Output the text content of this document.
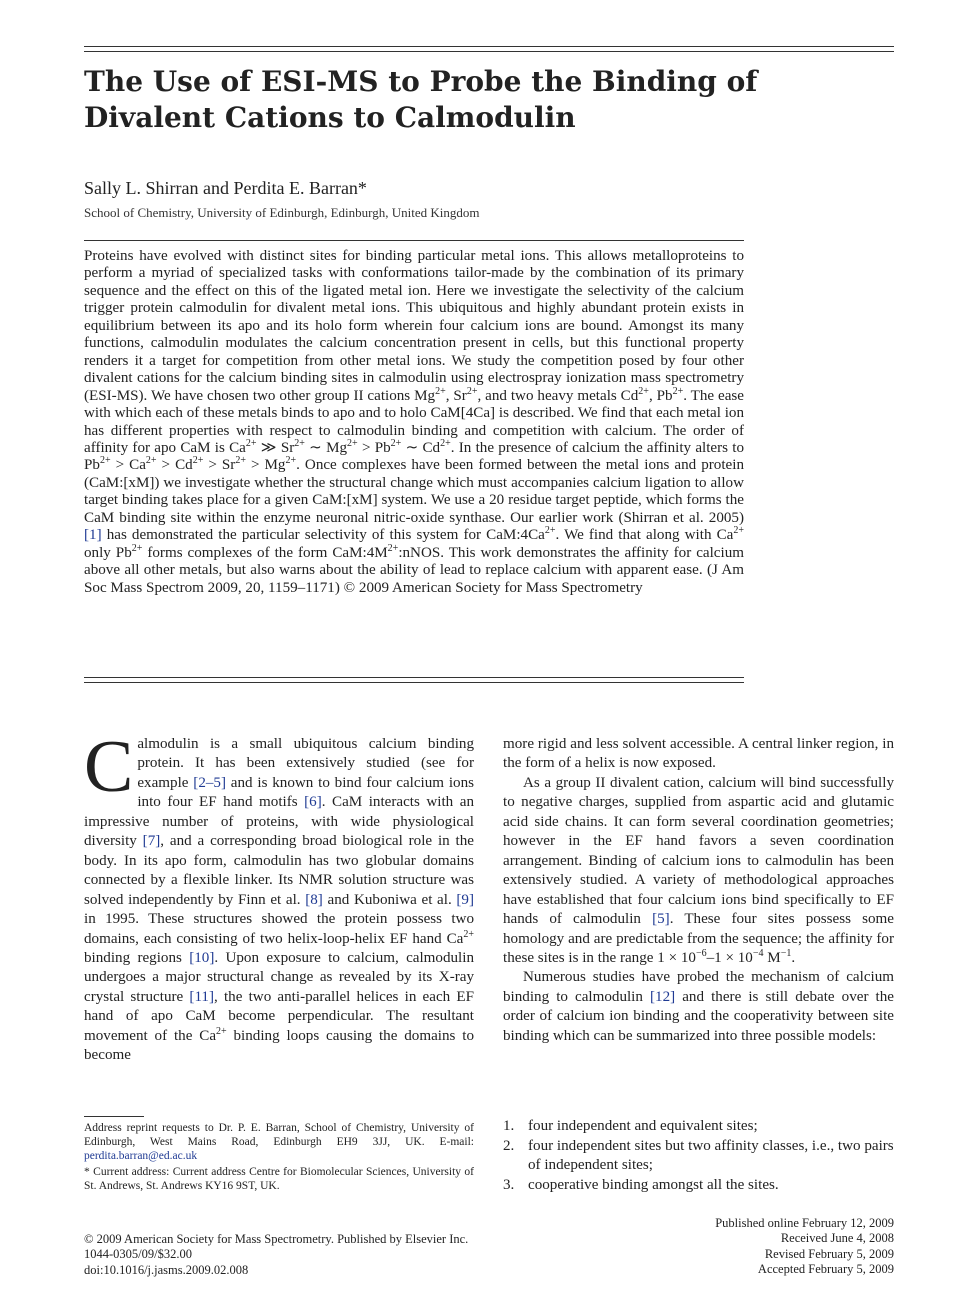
The Use of ESI-MS to Probe the Binding of Divalent Cations to Calmodulin
Sally L. Shirran and Perdita E. Barran*
School of Chemistry, University of Edinburgh, Edinburgh, United Kingdom
Proteins have evolved with distinct sites for binding particular metal ions. This allows metalloproteins to perform a myriad of specialized tasks with conformations tailor-made by the combination of its primary sequence and the effect on this of the ligated metal ion. Here we investigate the selectivity of the calcium trigger protein calmodulin for divalent metal ions. This ubiquitous and highly abundant protein exists in equilibrium between its apo and its holo form wherein four calcium ions are bound. Amongst its many functions, calmodulin modulates the calcium concentration present in cells, but this functional property renders it a target for competition from other metal ions. We study the competition posed by four other divalent cations for the calcium binding sites in calmodulin using electrospray ionization mass spectrometry (ESI-MS). We have chosen two other group II cations $Mg^{2+}$, $Sr^{2+}$, and two heavy metals $Cd^{2+}$, $Pb^{2+}$. The ease with which each of these metals binds to apo and to holo CaM[4Ca] is described. We find that each metal ion has different properties with respect to calmodulin binding and competition with calcium. The order of affinity for apo CaM is $Ca^{2+}$ ≫ $Sr^{2+}$ ∼ $Mg^{2+} > Pb^{2+}$ ∼ $Cd^{2+}$. In the presence of calcium the affinity alters to $Pb^{2+} > Ca^{2+} > Cd^{2+} > Sr^{2+} > Mg^{2+}$. Once complexes have been formed between the metal ions and protein (CaM:[xM]) we investigate whether the structural change which must accompanies calcium ligation to allow target binding takes place for a given CaM:[xM] system. We use a 20 residue target peptide, which forms the CaM binding site within the enzyme neuronal nitric-oxide synthase. Our earlier work (Shirran et al. 2005) [1] has demonstrated the particular selectivity of this system for $CaM:4Ca^{2+}$. We find that along with $Ca^{2+}$ only $Pb^{2+}$ forms complexes of the form $CaM:4M^{2+}:nNOS$. This work demonstrates the affinity for calcium above all other metals, but also warns about the ability of lead to replace calcium with apparent ease. (J Am Soc Mass Spectrom 2009, 20, 1159–1171) © 2009 American Society for Mass Spectrometry

Calmodulin is a small ubiquitous calcium binding protein. It has been extensively studied (see for example [2–5] and is known to bind four calcium ions into four EF hand motifs [6]. CaM interacts with an impressive number of proteins, with wide physiological diversity [7], and a corresponding broad biological role in the body. In its apo form, calmodulin has two globular domains connected by a flexible linker. Its NMR solution structure was solved independently by Finn et al. [8] and Kuboniwa et al. [9] in 1995. These structures showed the protein possess two domains, each consisting of two helix-loop-helix EF hand $Ca^{2+}$ binding regions [10]. Upon exposure to calcium, calmodulin undergoes a major structural change as revealed by its X-ray crystal structure [11], the two anti-parallel helices in each EF hand of apo CaM become perpendicular. The resultant movement of the $Ca^{2+}$ binding loops causing the domains to become

more rigid and less solvent accessible. A central linker region, in the form of a helix is now exposed.

As a group II divalent cation, calcium will bind successfully to negative charges, supplied from aspartic acid and glutamic acid side chains. It can form several coordination geometries; however in the EF hand favors a seven coordination arrangement. Binding of calcium ions to calmodulin has been extensively studied. A variety of methodological approaches have established that four calcium ions bind specifically to EF hands of calmodulin [5]. These four sites possess some homology and are predictable from the sequence; the affinity for these sites is in the range $1 \times 10^{-6}-1 \times 10^{-4}$ $M^{-1}$.

Numerous studies have probed the mechanism of calcium binding to calmodulin [12] and there is still debate over the order of calcium ion binding and the cooperativity between site binding which can be summarized into three possible models:

Address reprint requests to Dr. P. E. Barran, School of Chemistry, University of Edinburgh, West Mains Road, Edinburgh EH9 3JJ, UK. E-mail: perdita.barran@ed.ac.uk

* Current address: Current address Centre for Biomolecular Sciences, University of St. Andrews, St. Andrews KY16 9ST, UK.

1. four independent and equivalent sites;
2. four independent sites but two affinity classes, i.e., two pairs of independent sites;
3. cooperative binding amongst all the sites.
© 2009 American Society for Mass Spectrometry. Published by Elsevier Inc.
1044-0305/09/$32.00
doi:10.1016/j.jasms.2009.02.008
Published online February 12, 2009
Received June 4, 2008
Revised February 5, 2009
Accepted February 5, 2009
